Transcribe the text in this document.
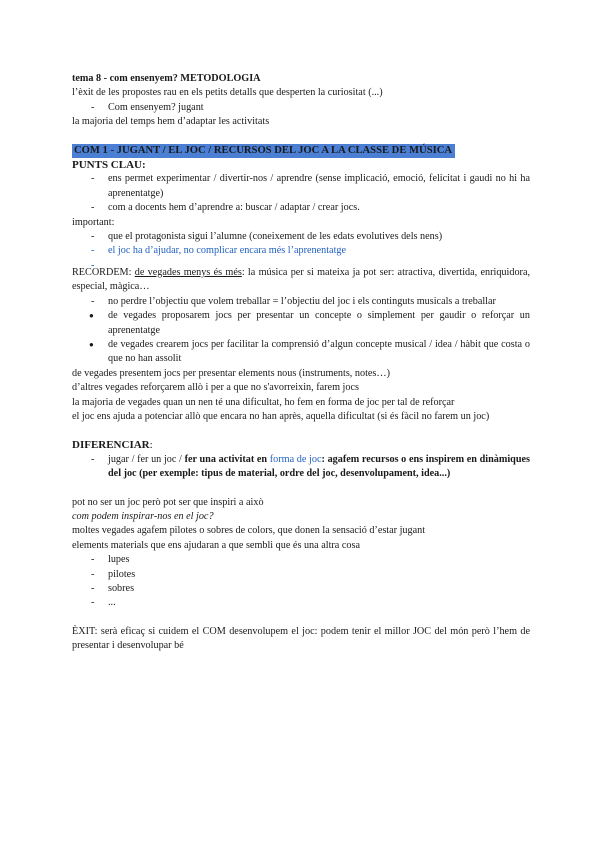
tema 8 - com ensenyem? METODOLOGIA

l’èxit de les propostes rau en els petits detalls que desperten la curiositat (...)

- Com ensenyem? jugant

la majoria del temps hem d’adaptar les activitats

COM 1 - JUGANT / EL JOC / RECURSOS DEL JOC A LA CLASSE DE MÚSICA

PUNTS CLAU:

- ens permet experimentar / divertir-nos / aprendre (sense implicació, emoció, felicitat i gaudi no hi ha aprenentatge)
- com a docents hem d’aprendre a: buscar / adaptar / crear jocs.

important:

- que el protagonista sigui l’alumne (coneixement de les edats evolutives dels nens)
- el joc ha d’ajudar, no complicar encara més l’aprenentatge

RECORDEM: de vegades menys és més: la música per si mateixa ja pot ser: atractiva, divertida, enriquidora, especial, màgica…

- no perdre l’objectiu que volem treballar = l’objectiu del joc i els continguts musicals a treballar
● de vegades proposarem jocs per presentar un concepte o simplement per gaudir o reforçar un aprenentatge
● de vegades crearem jocs per facilitar la comprensió d’algun concepte musical / idea / hàbit que costa o que no han assolit

de vegades presentem jocs per presentar elements nous (instruments, notes…)

d’altres vegades reforçarem allò i per a que no s'avorreixin, farem jocs

la majoria de vegades quan un nen té una dificultat, ho fem en forma de joc per tal de reforçar

el joc ens ajuda a potenciar allò que encara no han après, aquella dificultat (si és fàcil no farem un joc)

DIFERENCIAR:

- jugar / fer un joc / fer una activitat en forma de joc: agafem recursos o ens inspirem en dinàmiques del joc (per exemple: tipus de material, ordre del joc, desenvolupament, idea...)

pot no ser un joc però pot ser que inspiri a això

com podem inspirar-nos en el joc?

moltes vegades agafem pilotes o sobres de colors, que donen la sensació d’estar jugant

elements materials que ens ajudaran a que sembli que és una altra cosa

- lupes
- pilotes
- sobres
- ...

ÈXIT: serà eficaç si cuidem el COM desenvolupem el joc: podem tenir el millor JOC del món però l’hem de presentar i desenvolupar bé
